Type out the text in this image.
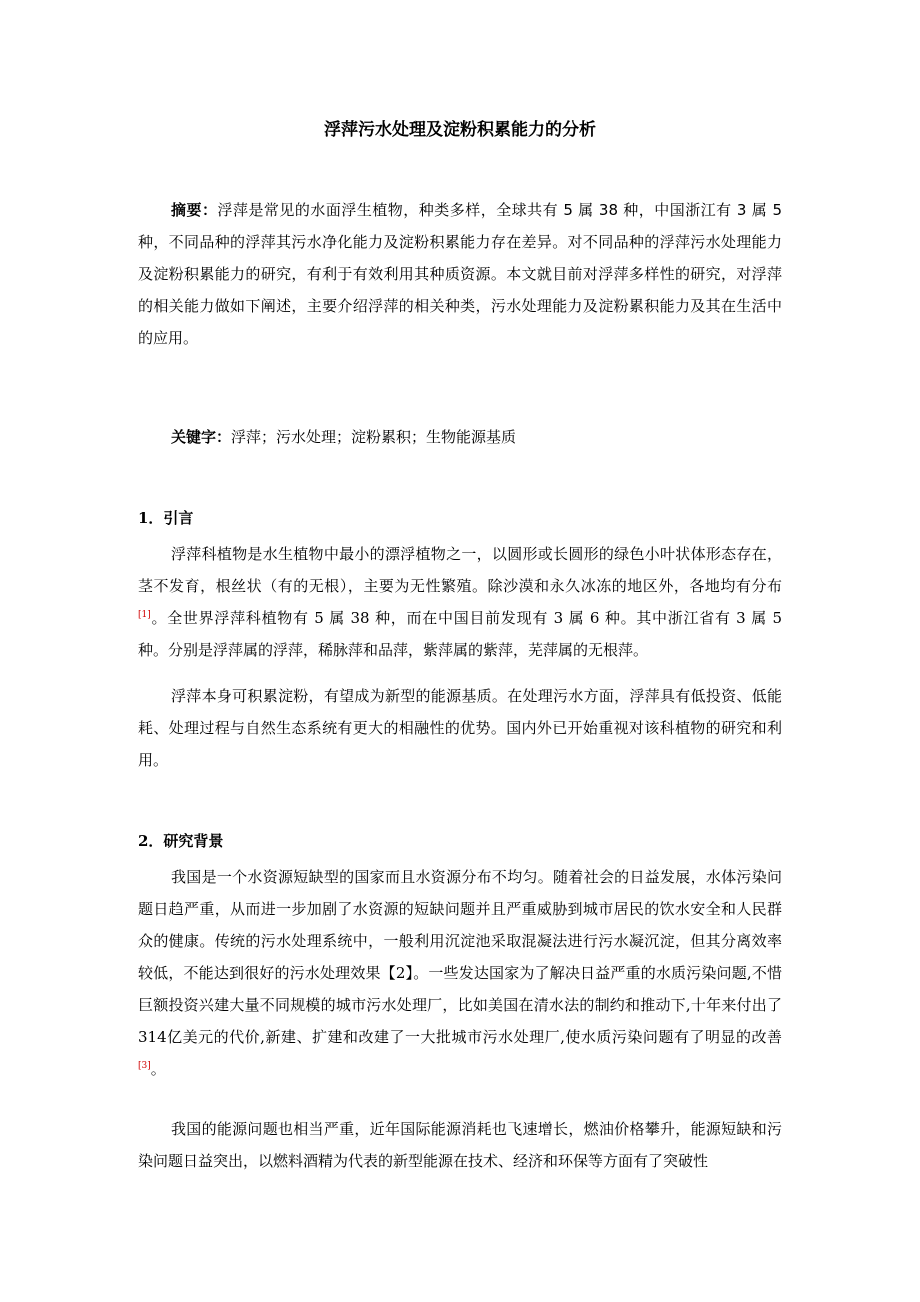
浮萍污水处理及淀粉积累能力的分析

摘要：浮萍是常见的水面浮生植物，种类多样，全球共有 5 属 38 种，中国浙江有 3 属 5 种，不同品种的浮萍其污水净化能力及淀粉积累能力存在差异。对不同品种的浮萍污水处理能力及淀粉积累能力的研究，有利于有效利用其种质资源。本文就目前对浮萍多样性的研究，对浮萍的相关能力做如下阐述，主要介绍浮萍的相关种类，污水处理能力及淀粉累积能力及其在生活中的应用。

关键字：浮萍；污水处理；淀粉累积；生物能源基质

1．引言

浮萍科植物是水生植物中最小的漂浮植物之一，以圆形或长圆形的绿色小叶状体形态存在，茎不发育，根丝状（有的无根），主要为无性繁殖。除沙漠和永久冰冻的地区外，各地均有分布[1]。全世界浮萍科植物有 5 属 38 种，而在中国目前发现有 3 属 6 种。其中浙江省有 3 属 5 种。分别是浮萍属的浮萍，稀脉萍和品萍，紫萍属的紫萍，芜萍属的无根萍。

浮萍本身可积累淀粉，有望成为新型的能源基质。在处理污水方面，浮萍具有低投资、低能耗、处理过程与自然生态系统有更大的相融性的优势。国内外已开始重视对该科植物的研究和利用。

2．研究背景

我国是一个水资源短缺型的国家而且水资源分布不均匀。随着社会的日益发展，水体污染问题日趋严重，从而进一步加剧了水资源的短缺问题并且严重威胁到城市居民的饮水安全和人民群众的健康。传统的污水处理系统中，一般利用沉淀池采取混凝法进行污水凝沉淀，但其分离效率较低，不能达到很好的污水处理效果【2】。一些发达国家为了解决日益严重的水质污染问题,不惜巨额投资兴建大量不同规模的城市污水处理厂，比如美国在清水法的制约和推动下,十年来付出了314亿美元的代价,新建、扩建和改建了一大批城市污水处理厂,使水质污染问题有了明显的改善[3]。

我国的能源问题也相当严重，近年国际能源消耗也飞速增长，燃油价格攀升，能源短缺和污染问题日益突出，以燃料酒精为代表的新型能源在技术、经济和环保等方面有了突破性
